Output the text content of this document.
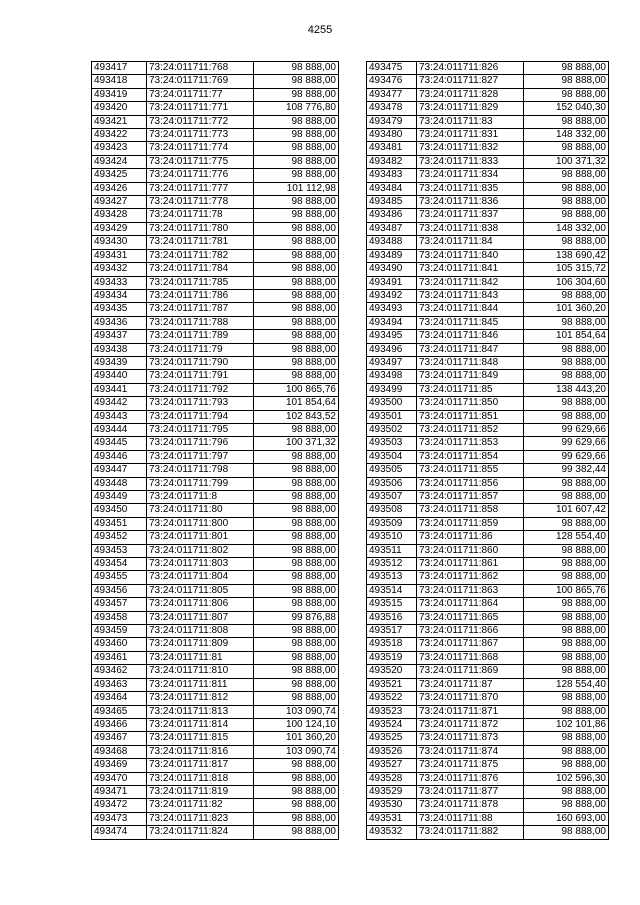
4255
493417	73:24:011711:768	98 888,00
493418	73:24:011711:769	98 888,00
493419	73:24:011711:77	98 888,00
493420	73:24:011711:771	108 776,80
493421	73:24:011711:772	98 888,00
493422	73:24:011711:773	98 888,00
493423	73:24:011711:774	98 888,00
493424	73:24:011711:775	98 888,00
493425	73:24:011711:776	98 888,00
493426	73:24:011711:777	101 112,98
493427	73:24:011711:778	98 888,00
493428	73:24:011711:78	98 888,00
493429	73:24:011711:780	98 888,00
493430	73:24:011711:781	98 888,00
493431	73:24:011711:782	98 888,00
493432	73:24:011711:784	98 888,00
493433	73:24:011711:785	98 888,00
493434	73:24:011711:786	98 888,00
493435	73:24:011711:787	98 888,00
493436	73:24:011711:788	98 888,00
493437	73:24:011711:789	98 888,00
493438	73:24:011711:79	98 888,00
493439	73:24:011711:790	98 888,00
493440	73:24:011711:791	98 888,00
493441	73:24:011711:792	100 865,76
493442	73:24:011711:793	101 854,64
493443	73:24:011711:794	102 843,52
493444	73:24:011711:795	98 888,00
493445	73:24:011711:796	100 371,32
493446	73:24:011711:797	98 888,00
493447	73:24:011711:798	98 888,00
493448	73:24:011711:799	98 888,00
493449	73:24:011711:8	98 888,00
493450	73:24:011711:80	98 888,00
493451	73:24:011711:800	98 888,00
493452	73:24:011711:801	98 888,00
493453	73:24:011711:802	98 888,00
493454	73:24:011711:803	98 888,00
493455	73:24:011711:804	98 888,00
493456	73:24:011711:805	98 888,00
493457	73:24:011711:806	98 888,00
493458	73:24:011711:807	99 876,88
493459	73:24:011711:808	98 888,00
493460	73:24:011711:809	98 888,00
493461	73:24:011711:81	98 888,00
493462	73:24:011711:810	98 888,00
493463	73:24:011711:811	98 888,00
493464	73:24:011711:812	98 888,00
493465	73:24:011711:813	103 090,74
493466	73:24:011711:814	100 124,10
493467	73:24:011711:815	101 360,20
493468	73:24:011711:816	103 090,74
493469	73:24:011711:817	98 888,00
493470	73:24:011711:818	98 888,00
493471	73:24:011711:819	98 888,00
493472	73:24:011711:82	98 888,00
493473	73:24:011711:823	98 888,00
493474	73:24:011711:824	98 888,00
493475	73:24:011711:826	98 888,00
493476	73:24:011711:827	98 888,00
493477	73:24:011711:828	98 888,00
493478	73:24:011711:829	152 040,30
493479	73:24:011711:83	98 888,00
493480	73:24:011711:831	148 332,00
493481	73:24:011711:832	98 888,00
493482	73:24:011711:833	100 371,32
493483	73:24:011711:834	98 888,00
493484	73:24:011711:835	98 888,00
493485	73:24:011711:836	98 888,00
493486	73:24:011711:837	98 888,00
493487	73:24:011711:838	148 332,00
493488	73:24:011711:84	98 888,00
493489	73:24:011711:840	138 690,42
493490	73:24:011711:841	105 315,72
493491	73:24:011711:842	106 304,60
493492	73:24:011711:843	98 888,00
493493	73:24:011711:844	101 360,20
493494	73:24:011711:845	98 888,00
493495	73:24:011711:846	101 854,64
493496	73:24:011711:847	98 888,00
493497	73:24:011711:848	98 888,00
493498	73:24:011711:849	98 888,00
493499	73:24:011711:85	138 443,20
493500	73:24:011711:850	98 888,00
493501	73:24:011711:851	98 888,00
493502	73:24:011711:852	99 629,66
493503	73:24:011711:853	99 629,66
493504	73:24:011711:854	99 629,66
493505	73:24:011711:855	99 382,44
493506	73:24:011711:856	98 888,00
493507	73:24:011711:857	98 888,00
493508	73:24:011711:858	101 607,42
493509	73:24:011711:859	98 888,00
493510	73:24:011711:86	128 554,40
493511	73:24:011711:860	98 888,00
493512	73:24:011711:861	98 888,00
493513	73:24:011711:862	98 888,00
493514	73:24:011711:863	100 865,76
493515	73:24:011711:864	98 888,00
493516	73:24:011711:865	98 888,00
493517	73:24:011711:866	98 888,00
493518	73:24:011711:867	98 888,00
493519	73:24:011711:868	98 888,00
493520	73:24:011711:869	98 888,00
493521	73:24:011711:87	128 554,40
493522	73:24:011711:870	98 888,00
493523	73:24:011711:871	98 888,00
493524	73:24:011711:872	102 101,86
493525	73:24:011711:873	98 888,00
493526	73:24:011711:874	98 888,00
493527	73:24:011711:875	98 888,00
493528	73:24:011711:876	102 596,30
493529	73:24:011711:877	98 888,00
493530	73:24:011711:878	98 888,00
493531	73:24:011711:88	160 693,00
493532	73:24:011711:882	98 888,00
